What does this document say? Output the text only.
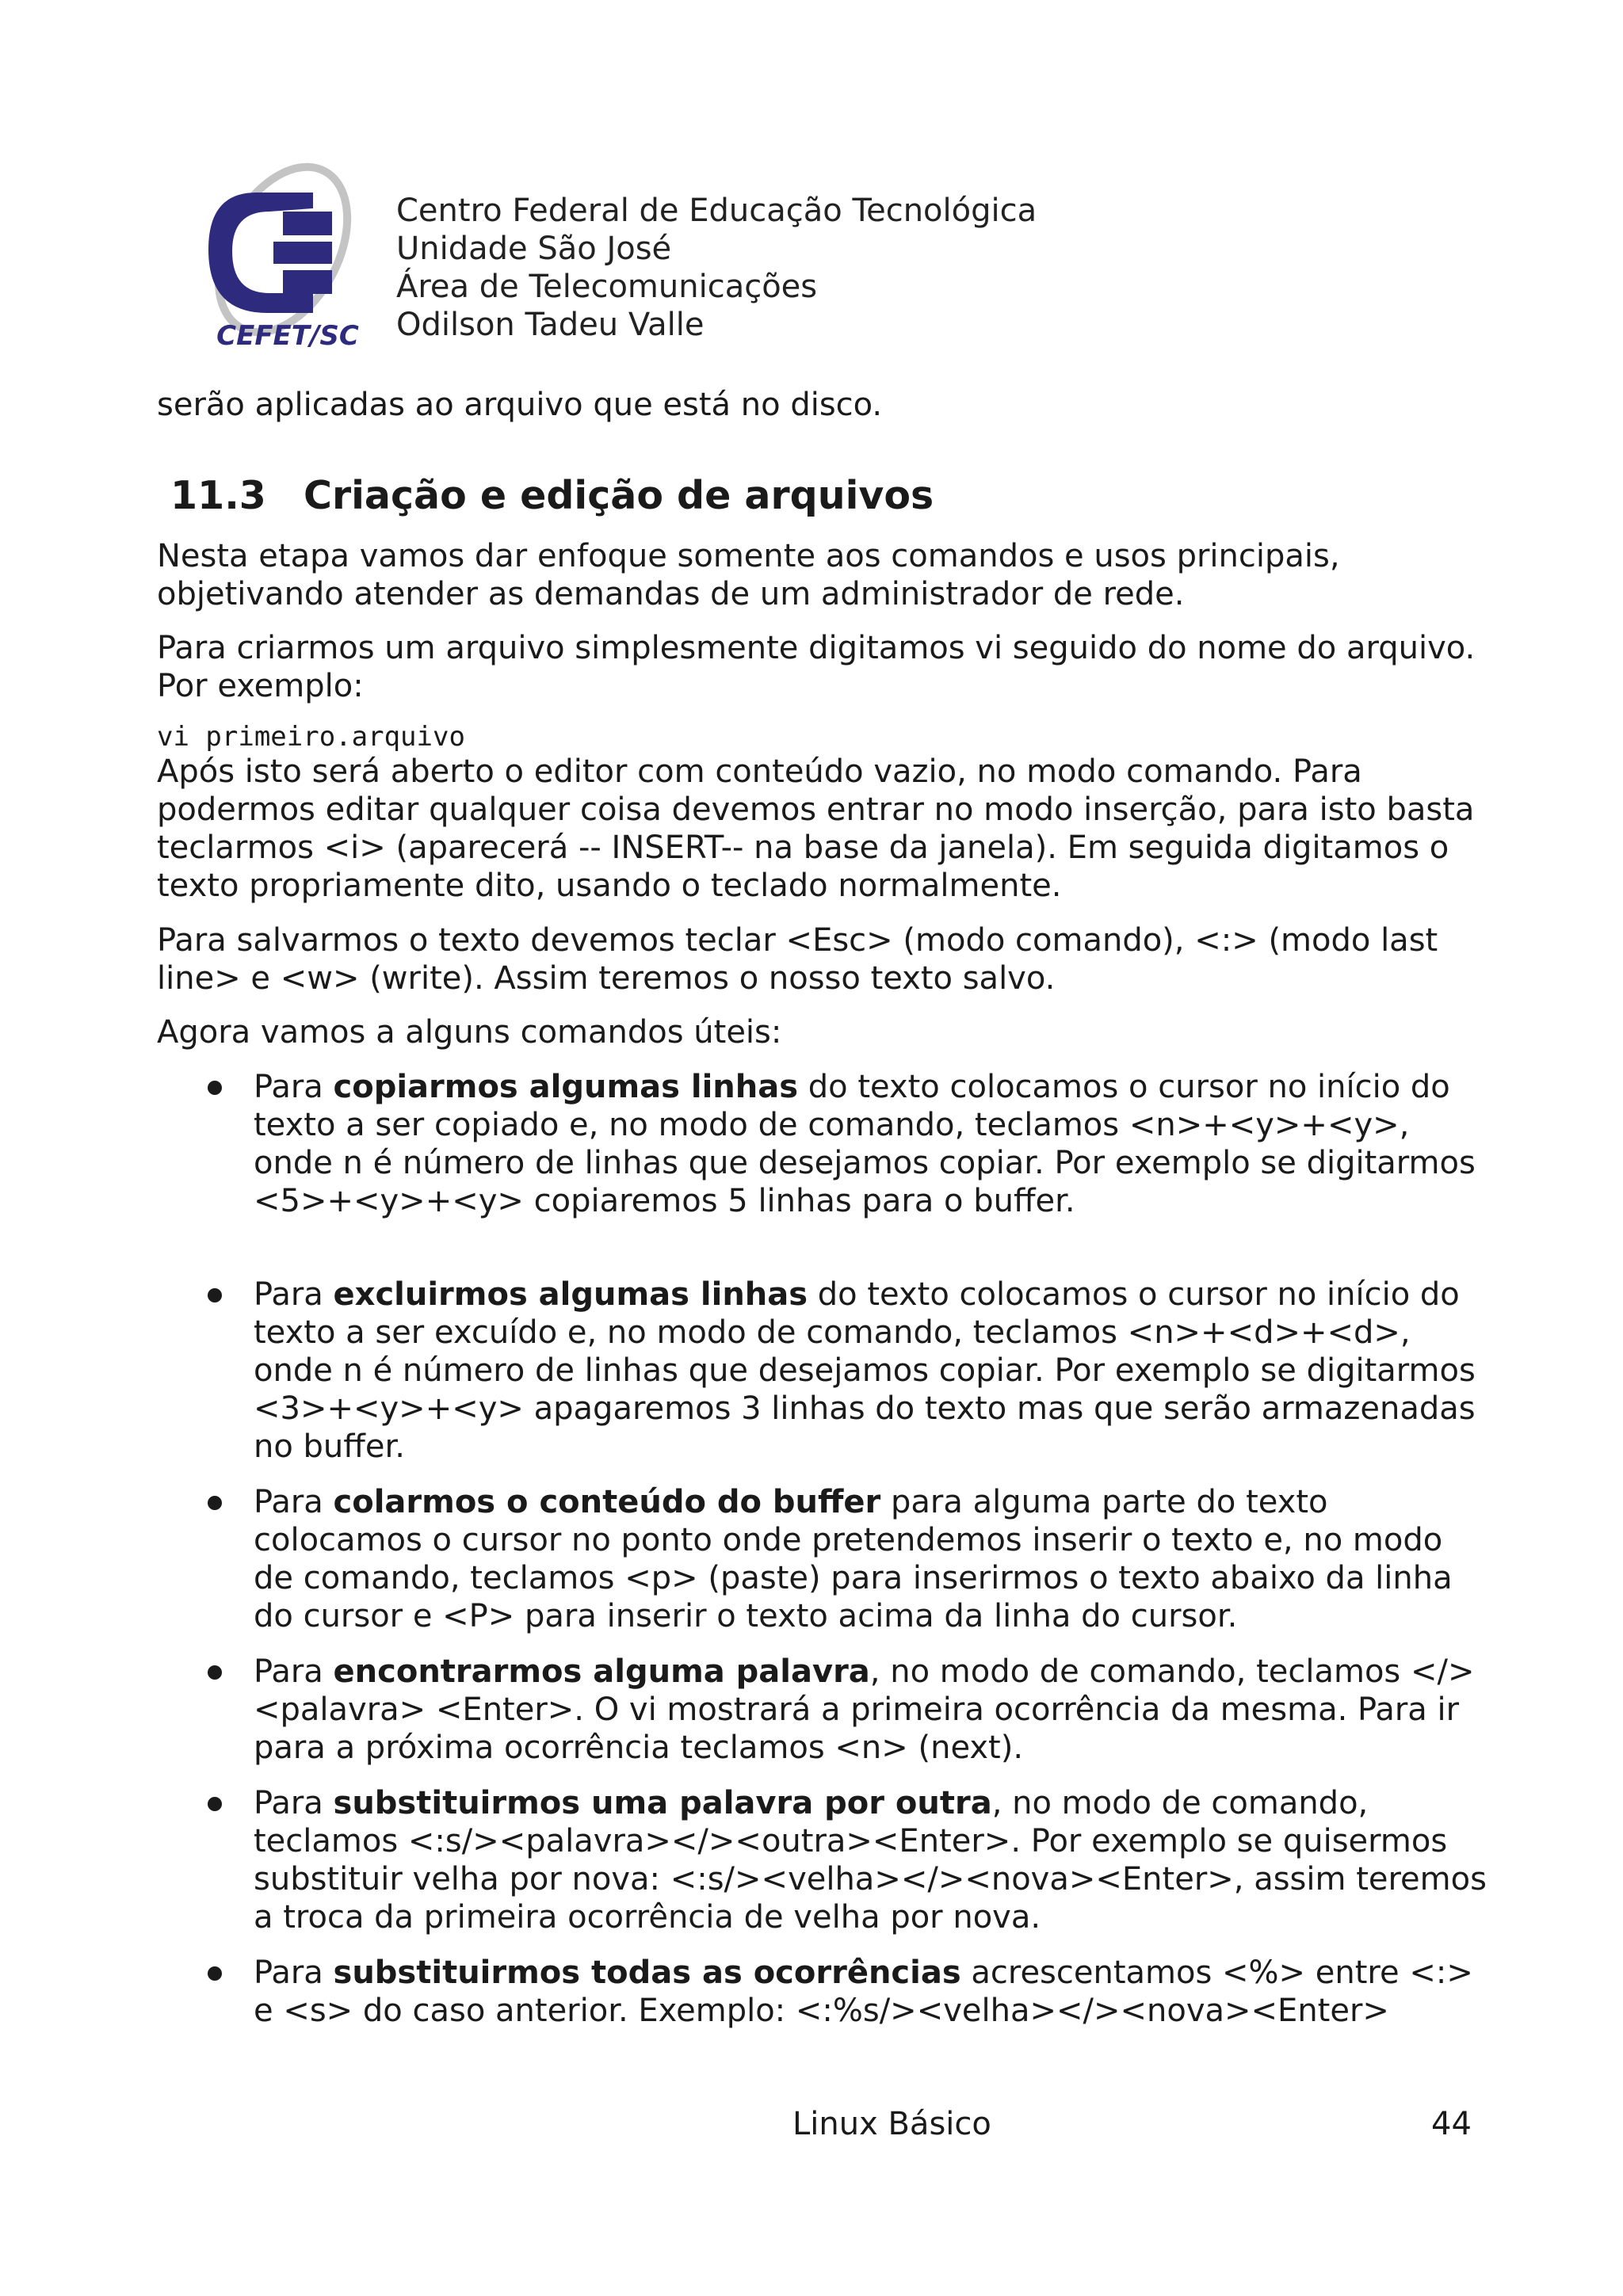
CEFET/SC
Centro Federal de Educação Tecnológica
Unidade São José
Área de Telecomunicações
Odilson Tadeu Valle
serão aplicadas ao arquivo que está no disco.
11.3 Criação e edição de arquivos
Nesta etapa vamos dar enfoque somente aos comandos e usos principais, objetivando atender as demandas de um administrador de rede.
Para criarmos um arquivo simplesmente digitamos vi seguido do nome do arquivo. Por exemplo:
vi primeiro.arquivo
Após isto será aberto o editor com conteúdo vazio, no modo comando. Para podermos editar qualquer coisa devemos entrar no modo inserção, para isto basta teclarmos <i> (aparecerá -- INSERT-- na base da janela). Em seguida digitamos o texto propriamente dito, usando o teclado normalmente.
Para salvarmos o texto devemos teclar <Esc> (modo comando), <:> (modo last line> e <w> (write). Assim teremos o nosso texto salvo.
Agora vamos a alguns comandos úteis:
Para copiarmos algumas linhas do texto colocamos o cursor no início do texto a ser copiado e, no modo de comando, teclamos <n>+<y>+<y>, onde n é número de linhas que desejamos copiar. Por exemplo se digitarmos <5>+<y>+<y> copiaremos 5 linhas para o buffer.
Para excluirmos algumas linhas do texto colocamos o cursor no início do texto a ser excuído e, no modo de comando, teclamos <n>+<d>+<d>, onde n é número de linhas que desejamos copiar. Por exemplo se digitarmos <3>+<y>+<y> apagaremos 3 linhas do texto mas que serão armazenadas no buffer.
Para colarmos o conteúdo do buffer para alguma parte do texto colocamos o cursor no ponto onde pretendemos inserir o texto e, no modo de comando, teclamos <p> (paste) para inserirmos o texto abaixo da linha do cursor e <P> para inserir o texto acima da linha do cursor.
Para encontrarmos alguma palavra, no modo de comando, teclamos </> <palavra> <Enter>. O vi mostrará a primeira ocorrência da mesma. Para ir para a próxima ocorrência teclamos <n> (next).
Para substituirmos uma palavra por outra, no modo de comando, teclamos <:s/><palavra></><outra><Enter>. Por exemplo se quisermos substituir velha por nova: <:s/><velha></><nova><Enter>, assim teremos a troca da primeira ocorrência de velha por nova.
Para substituirmos todas as ocorrências acrescentamos <%> entre <:> e <s> do caso anterior. Exemplo: <:%s/><velha></><nova><Enter>
Linux Básico	44
